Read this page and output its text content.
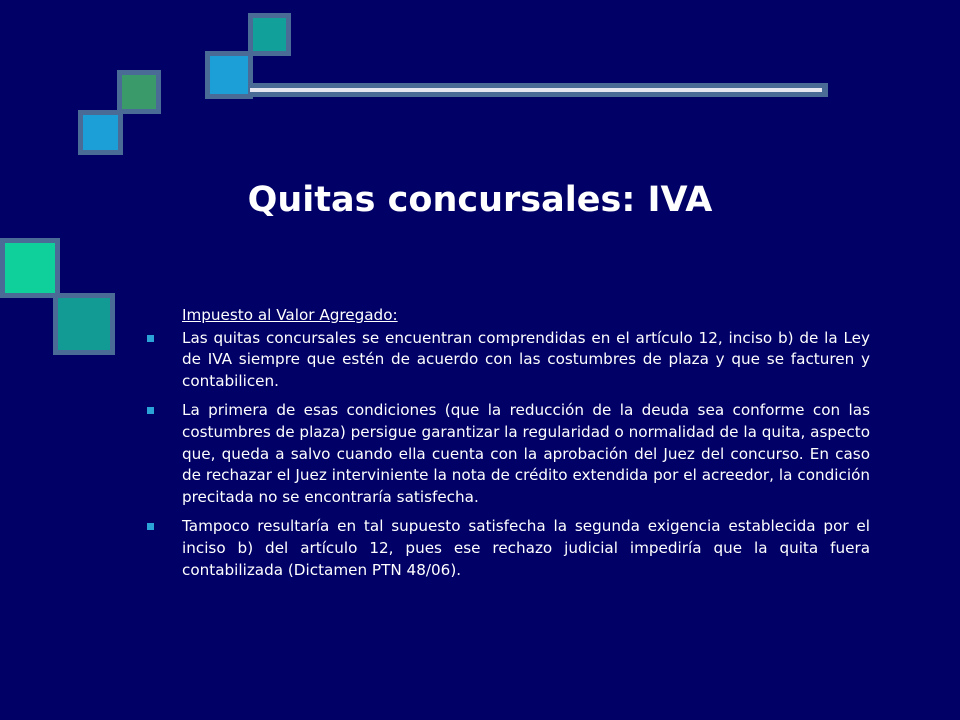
Quitas concursales: IVA
Impuesto al Valor Agregado:
Las quitas concursales se encuentran comprendidas en el artículo 12, inciso b) de la Ley de IVA siempre que estén de acuerdo con las costumbres de plaza y que se facturen y contabilicen.
La primera de esas condiciones (que la reducción de la deuda sea conforme con las costumbres de plaza) persigue garantizar la regularidad o normalidad de la quita, aspecto que, queda a salvo cuando ella cuenta con la aprobación del Juez del concurso. En caso de rechazar el Juez interviniente la nota de crédito extendida por el acreedor, la condición precitada no se encontraría satisfecha.
Tampoco resultaría en tal supuesto satisfecha la segunda exigencia establecida por el inciso b) del artículo 12, pues ese rechazo judicial impediría que la quita fuera contabilizada (Dictamen PTN 48/06).
